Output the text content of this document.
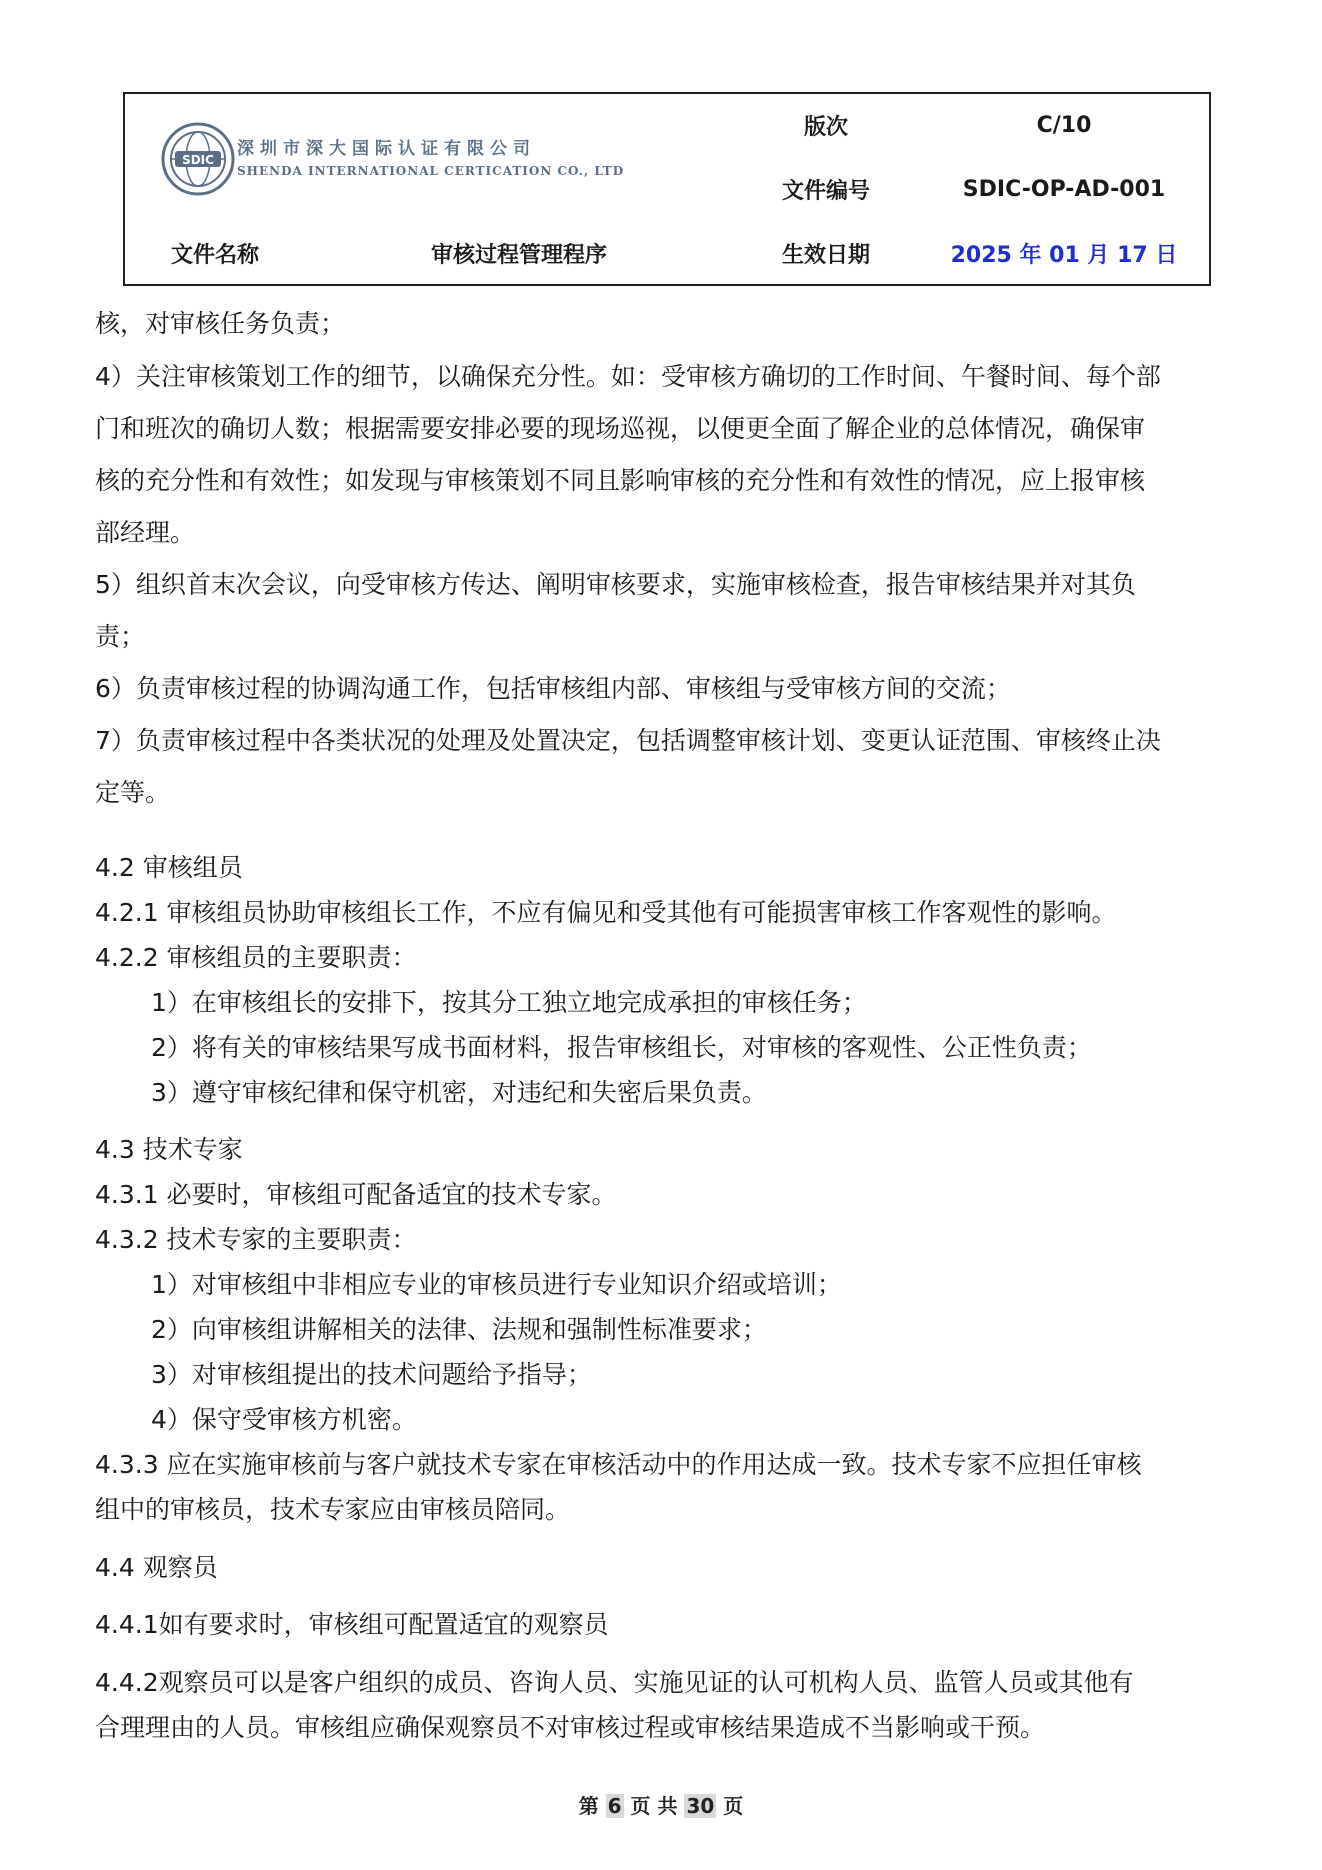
SDIC
深圳市深大国际认证有限公司
SHENDA INTERNATIONAL CERTICATION CO., LTD
版次	C/10
文件编号	SDIC-OP-AD-001
文件名称	审核过程管理程序	生效日期	2025 年 01 月 17 日
核，对审核任务负责；
4）关注审核策划工作的细节，以确保充分性。如：受审核方确切的工作时间、午餐时间、每个部
门和班次的确切人数；根据需要安排必要的现场巡视，以便更全面了解企业的总体情况，确保审
核的充分性和有效性；如发现与审核策划不同且影响审核的充分性和有效性的情况，应上报审核
部经理。
5）组织首末次会议，向受审核方传达、阐明审核要求，实施审核检查，报告审核结果并对其负
责；
6）负责审核过程的协调沟通工作，包括审核组内部、审核组与受审核方间的交流；
7）负责审核过程中各类状况的处理及处置决定，包括调整审核计划、变更认证范围、审核终止决
定等。
4.2 审核组员
4.2.1 审核组员协助审核组长工作，不应有偏见和受其他有可能损害审核工作客观性的影响。
4.2.2 审核组员的主要职责：
1）在审核组长的安排下，按其分工独立地完成承担的审核任务；
2）将有关的审核结果写成书面材料，报告审核组长，对审核的客观性、公正性负责；
3）遵守审核纪律和保守机密，对违纪和失密后果负责。
4.3 技术专家
4.3.1 必要时，审核组可配备适宜的技术专家。
4.3.2 技术专家的主要职责：
1）对审核组中非相应专业的审核员进行专业知识介绍或培训；
2）向审核组讲解相关的法律、法规和强制性标准要求；
3）对审核组提出的技术问题给予指导；
4）保守受审核方机密。
4.3.3 应在实施审核前与客户就技术专家在审核活动中的作用达成一致。技术专家不应担任审核
组中的审核员，技术专家应由审核员陪同。
4.4 观察员
4.4.1如有要求时，审核组可配置适宜的观察员
4.4.2观察员可以是客户组织的成员、咨询人员、实施见证的认可机构人员、监管人员或其他有
合理理由的人员。审核组应确保观察员不对审核过程或审核结果造成不当影响或干预。
第 6 页 共 30 页
